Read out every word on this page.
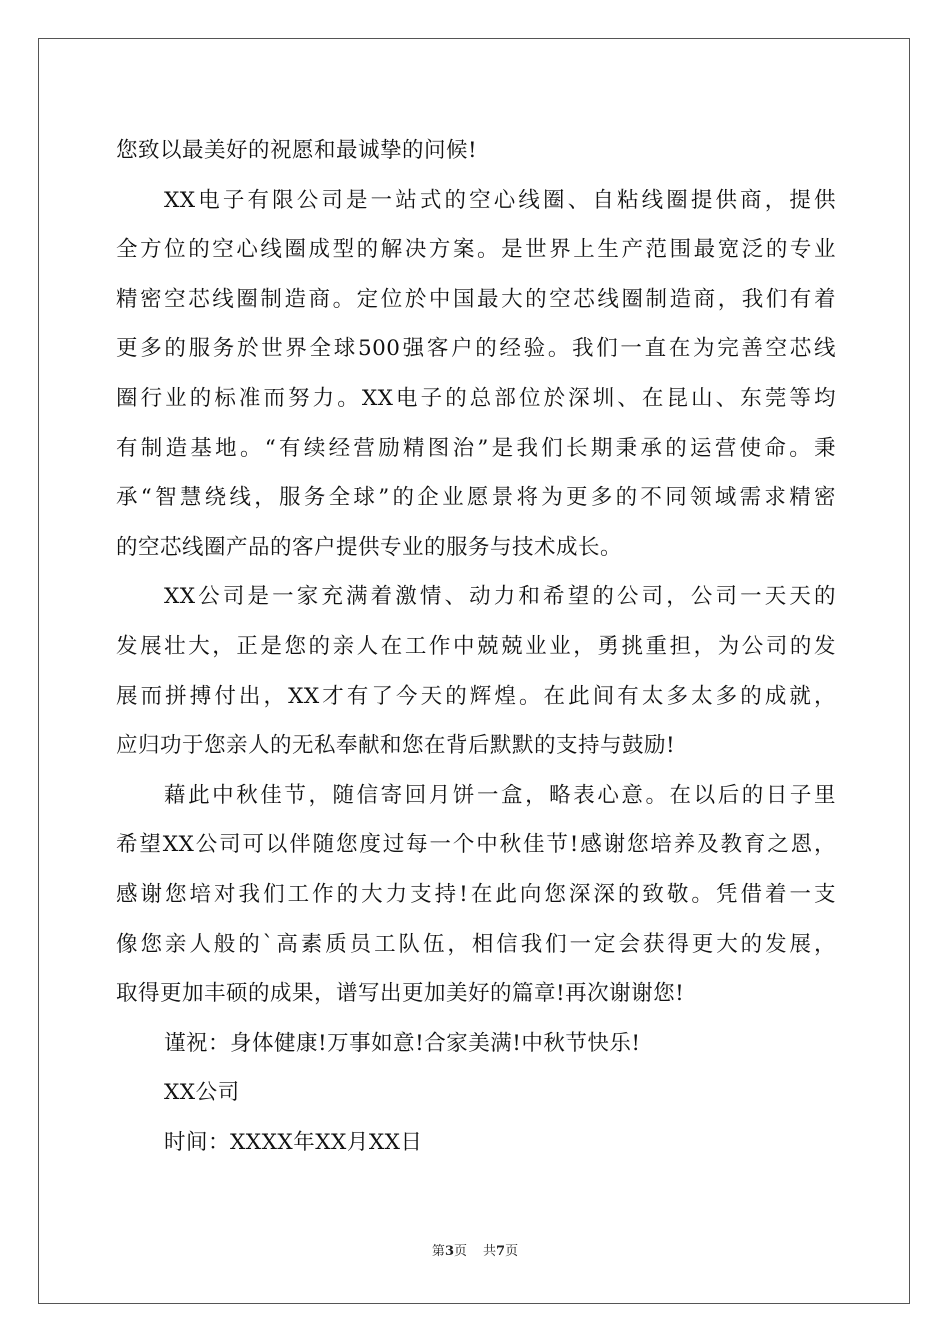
您致以最美好的祝愿和最诚挚的问候!
XX电子有限公司是一站式的空心线圈、自粘线圈提供商，提供
全方位的空心线圈成型的解决方案。是世界上生产范围最宽泛的专业
精密空芯线圈制造商。定位於中国最大的空芯线圈制造商，我们有着
更多的服务於世界全球500强客户的经验。我们一直在为完善空芯线
圈行业的标准而努力。XX电子的总部位於深圳、在昆山、东莞等均
有制造基地。“有续经营励精图治”是我们长期秉承的运营使命。秉
承“智慧绕线，服务全球”的企业愿景将为更多的不同领域需求精密
的空芯线圈产品的客户提供专业的服务与技术成长。
XX公司是一家充满着激情、动力和希望的公司，公司一天天的
发展壮大，正是您的亲人在工作中兢兢业业，勇挑重担，为公司的发
展而拼搏付出，XX才有了今天的辉煌。在此间有太多太多的成就，
应归功于您亲人的无私奉献和您在背后默默的支持与鼓励!
藉此中秋佳节，随信寄回月饼一盒，略表心意。在以后的日子里
希望XX公司可以伴随您度过每一个中秋佳节!感谢您培养及教育之恩，
感谢您培对我们工作的大力支持!在此向您深深的致敬。凭借着一支
像您亲人般的`高素质员工队伍，相信我们一定会获得更大的发展，
取得更加丰硕的成果，谱写出更加美好的篇章!再次谢谢您!
谨祝：身体健康!万事如意!合家美满!中秋节快乐!
XX公司
时间：XXXX年XX月XX日
第3页 共7页
